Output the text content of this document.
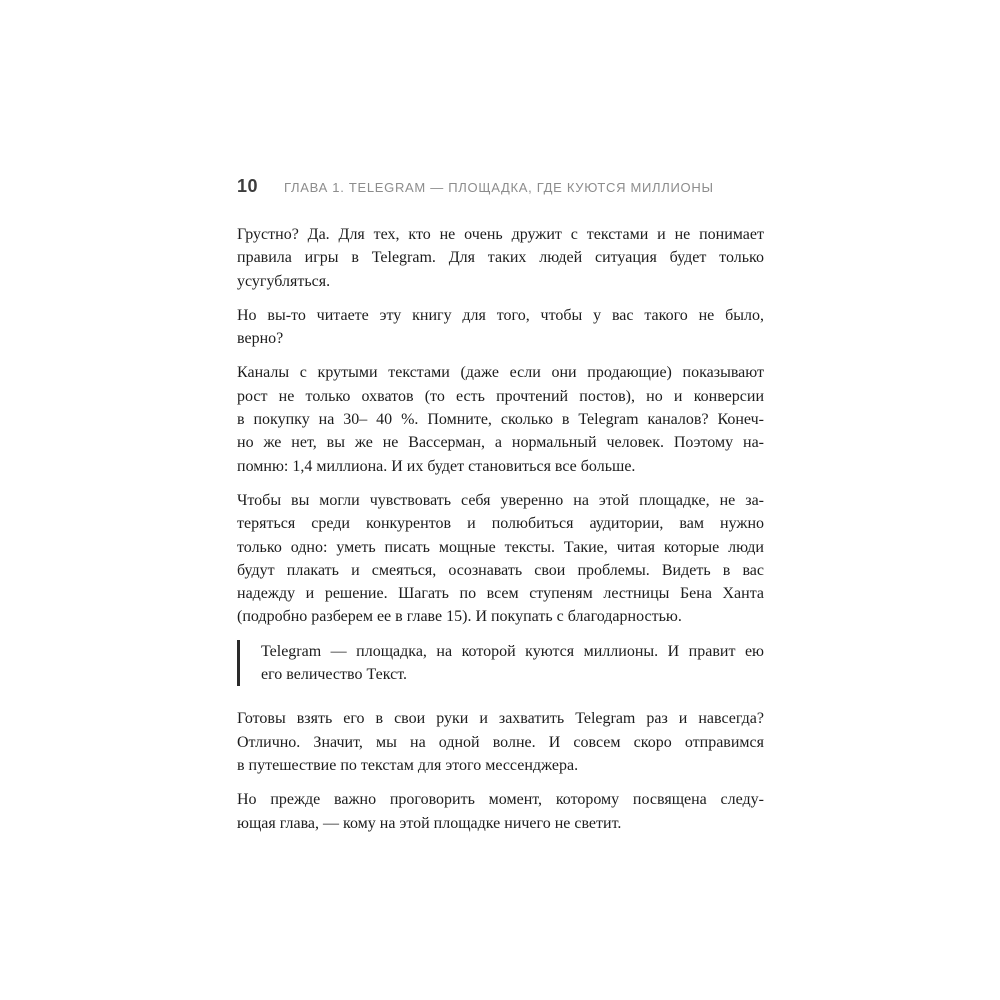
10 ГЛАВА 1. TELEGRAM — ПЛОЩАДКА, ГДЕ КУЮТСЯ МИЛЛИОНЫ
Грустно? Да. Для тех, кто не очень дружит с текстами и не понимает
правила игры в Telegram. Для таких людей ситуация будет только
усугубляться.
Но вы-то читаете эту книгу для того, чтобы у вас такого не было,
верно?
Каналы с крутыми текстами (даже если они продающие) показывают
рост не только охватов (то есть прочтений постов), но и конверсии
в покупку на 30– 40 %. Помните, сколько в Telegram каналов? Конеч-
но же нет, вы же не Вассерман, а нормальный человек. Поэтому на-
помню: 1,4 миллиона. И их будет становиться все больше.
Чтобы вы могли чувствовать себя уверенно на этой площадке, не за-
теряться среди конкурентов и полюбиться аудитории, вам нужно
только одно: уметь писать мощные тексты. Такие, читая которые люди
будут плакать и смеяться, осознавать свои проблемы. Видеть в вас
надежду и решение. Шагать по всем ступеням лестницы Бена Ханта
(подробно разберем ее в главе 15). И покупать с благодарностью.
Telegram — площадка, на которой куются миллионы. И правит ею
его величество Текст.
Готовы взять его в свои руки и захватить Telegram раз и навсегда?
Отлично. Значит, мы на одной волне. И совсем скоро отправимся
в путешествие по текстам для этого мессенджера.
Но прежде важно проговорить момент, которому посвящена следу-
ющая глава, — кому на этой площадке ничего не светит.
